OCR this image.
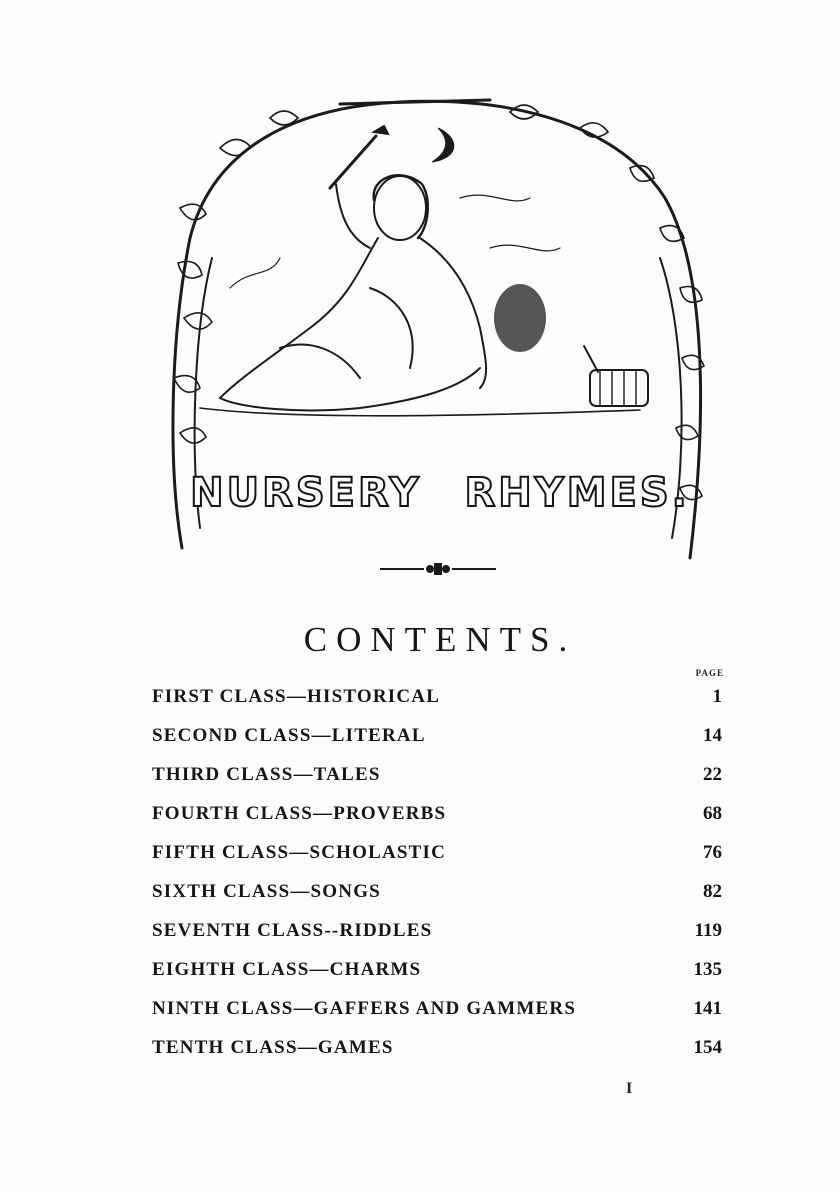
NURSERY RHYMES.
CONTENTS.
PAGE
FIRST CLASS—HISTORICAL	1
SECOND CLASS—LITERAL	14
THIRD CLASS—TALES	22
FOURTH CLASS—PROVERBS	68
FIFTH CLASS—SCHOLASTIC	76
SIXTH CLASS—SONGS	82
SEVENTH CLASS--RIDDLES	119
EIGHTH CLASS—CHARMS	135
NINTH CLASS—GAFFERS AND GAMMERS	141
TENTH CLASS—GAMES	154
I
